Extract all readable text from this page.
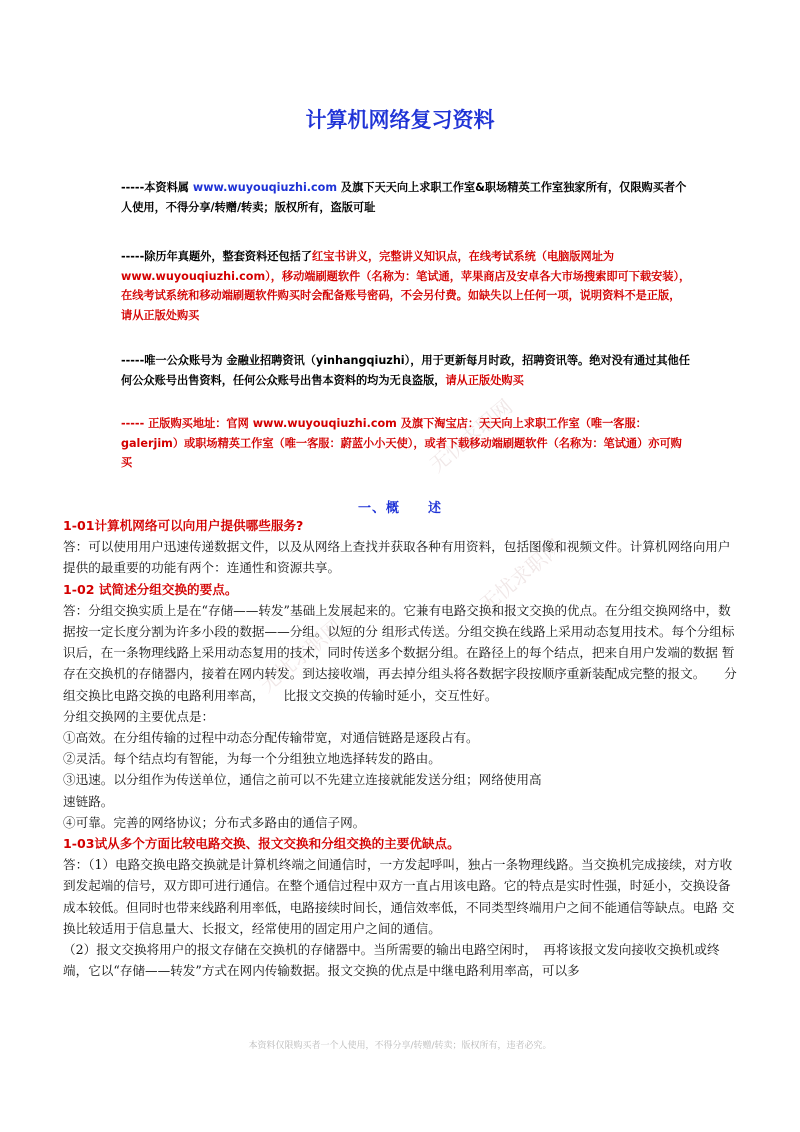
无忧求职网
无忧求职网
无忧求职网
计算机网络复习资料
-----本资料属 www.wuyouqiuzhi.com 及旗下天天向上求职工作室&职场精英工作室独家所有，仅限购买者个人使用，不得分享/转赠/转卖；版权所有，盗版可耻
-----除历年真题外，整套资料还包括了红宝书讲义，完整讲义知识点，在线考试系统（电脑版网址为 www.wuyouqiuzhi.com），移动端刷题软件（名称为：笔试通，苹果商店及安卓各大市场搜索即可下载安装），在线考试系统和移动端刷题软件购买时会配备账号密码，不会另付费。如缺失以上任何一项，说明资料不是正版，请从正版处购买
-----唯一公众账号为 金融业招聘资讯（yinhangqiuzhi），用于更新每月时政，招聘资讯等。绝对没有通过其他任何公众账号出售资料，任何公众账号出售本资料的均为无良盗版，请从正版处购买
----- 正版购买地址：官网 www.wuyouqiuzhi.com 及旗下淘宝店：天天向上求职工作室（唯一客服：galerjim）或职场精英工作室（唯一客服：蔚蓝小小天使），或者下载移动端刷题软件（名称为：笔试通）亦可购买
一、概　　述

1-01计算机网络可以向用户提供哪些服务?

答：可以使用用户迅速传递数据文件，以及从网络上查找并获取各种有用资料，包括图像和视频文件。计算机网络向用户提供的最重要的功能有两个：连通性和资源共享。

1-02 试简述分组交换的要点。

答：分组交换实质上是在“存储——转发”基础上发展起来的。它兼有电路交换和报文交换的优点。在分组交换网络中，数据按一定长度分割为许多小段的数据——分组。以短的分 组形式传送。分组交换在线路上采用动态复用技术。每个分组标识后，在一条物理线路上采用动态复用的技术，同时传送多个数据分组。在路径上的每个结点，把来自用户发端的数据 暂存在交换机的存储器内，接着在网内转发。到达接收端，再去掉分组头将各数据字段按顺序重新装配成完整的报文。　　分组交换比电路交换的电路利用率高，　　比报文交换的传输时延小，交互性好。

分组交换网的主要优点是：

①高效。在分组传输的过程中动态分配传输带宽，对通信链路是逐段占有。

②灵活。每个结点均有智能，为每一个分组独立地选择转发的路由。

③迅速。以分组作为传送单位，通信之前可以不先建立连接就能发送分组；网络使用高

速链路。

④可靠。完善的网络协议；分布式多路由的通信子网。

1-03试从多个方面比较电路交换、报文交换和分组交换的主要优缺点。

答：（1）电路交换电路交换就是计算机终端之间通信时，一方发起呼叫，独占一条物理线路。当交换机完成接续，对方收到发起端的信号，双方即可进行通信。在整个通信过程中双方一直占用该电路。它的特点是实时性强，时延小，交换设备成本较低。但同时也带来线路利用率低，电路接续时间长，通信效率低，不同类型终端用户之间不能通信等缺点。电路 交换比较适用于信息量大、长报文，经常使用的固定用户之间的通信。

（2）报文交换将用户的报文存储在交换机的存储器中。当所需要的输出电路空闲时，　再将该报文发向接收交换机或终端，它以“存储——转发”方式在网内传输数据。报文交换的优点是中继电路利用率高，可以多

本资料仅限购买者一个人使用，不得分享/转赠/转卖；版权所有，违者必究。
